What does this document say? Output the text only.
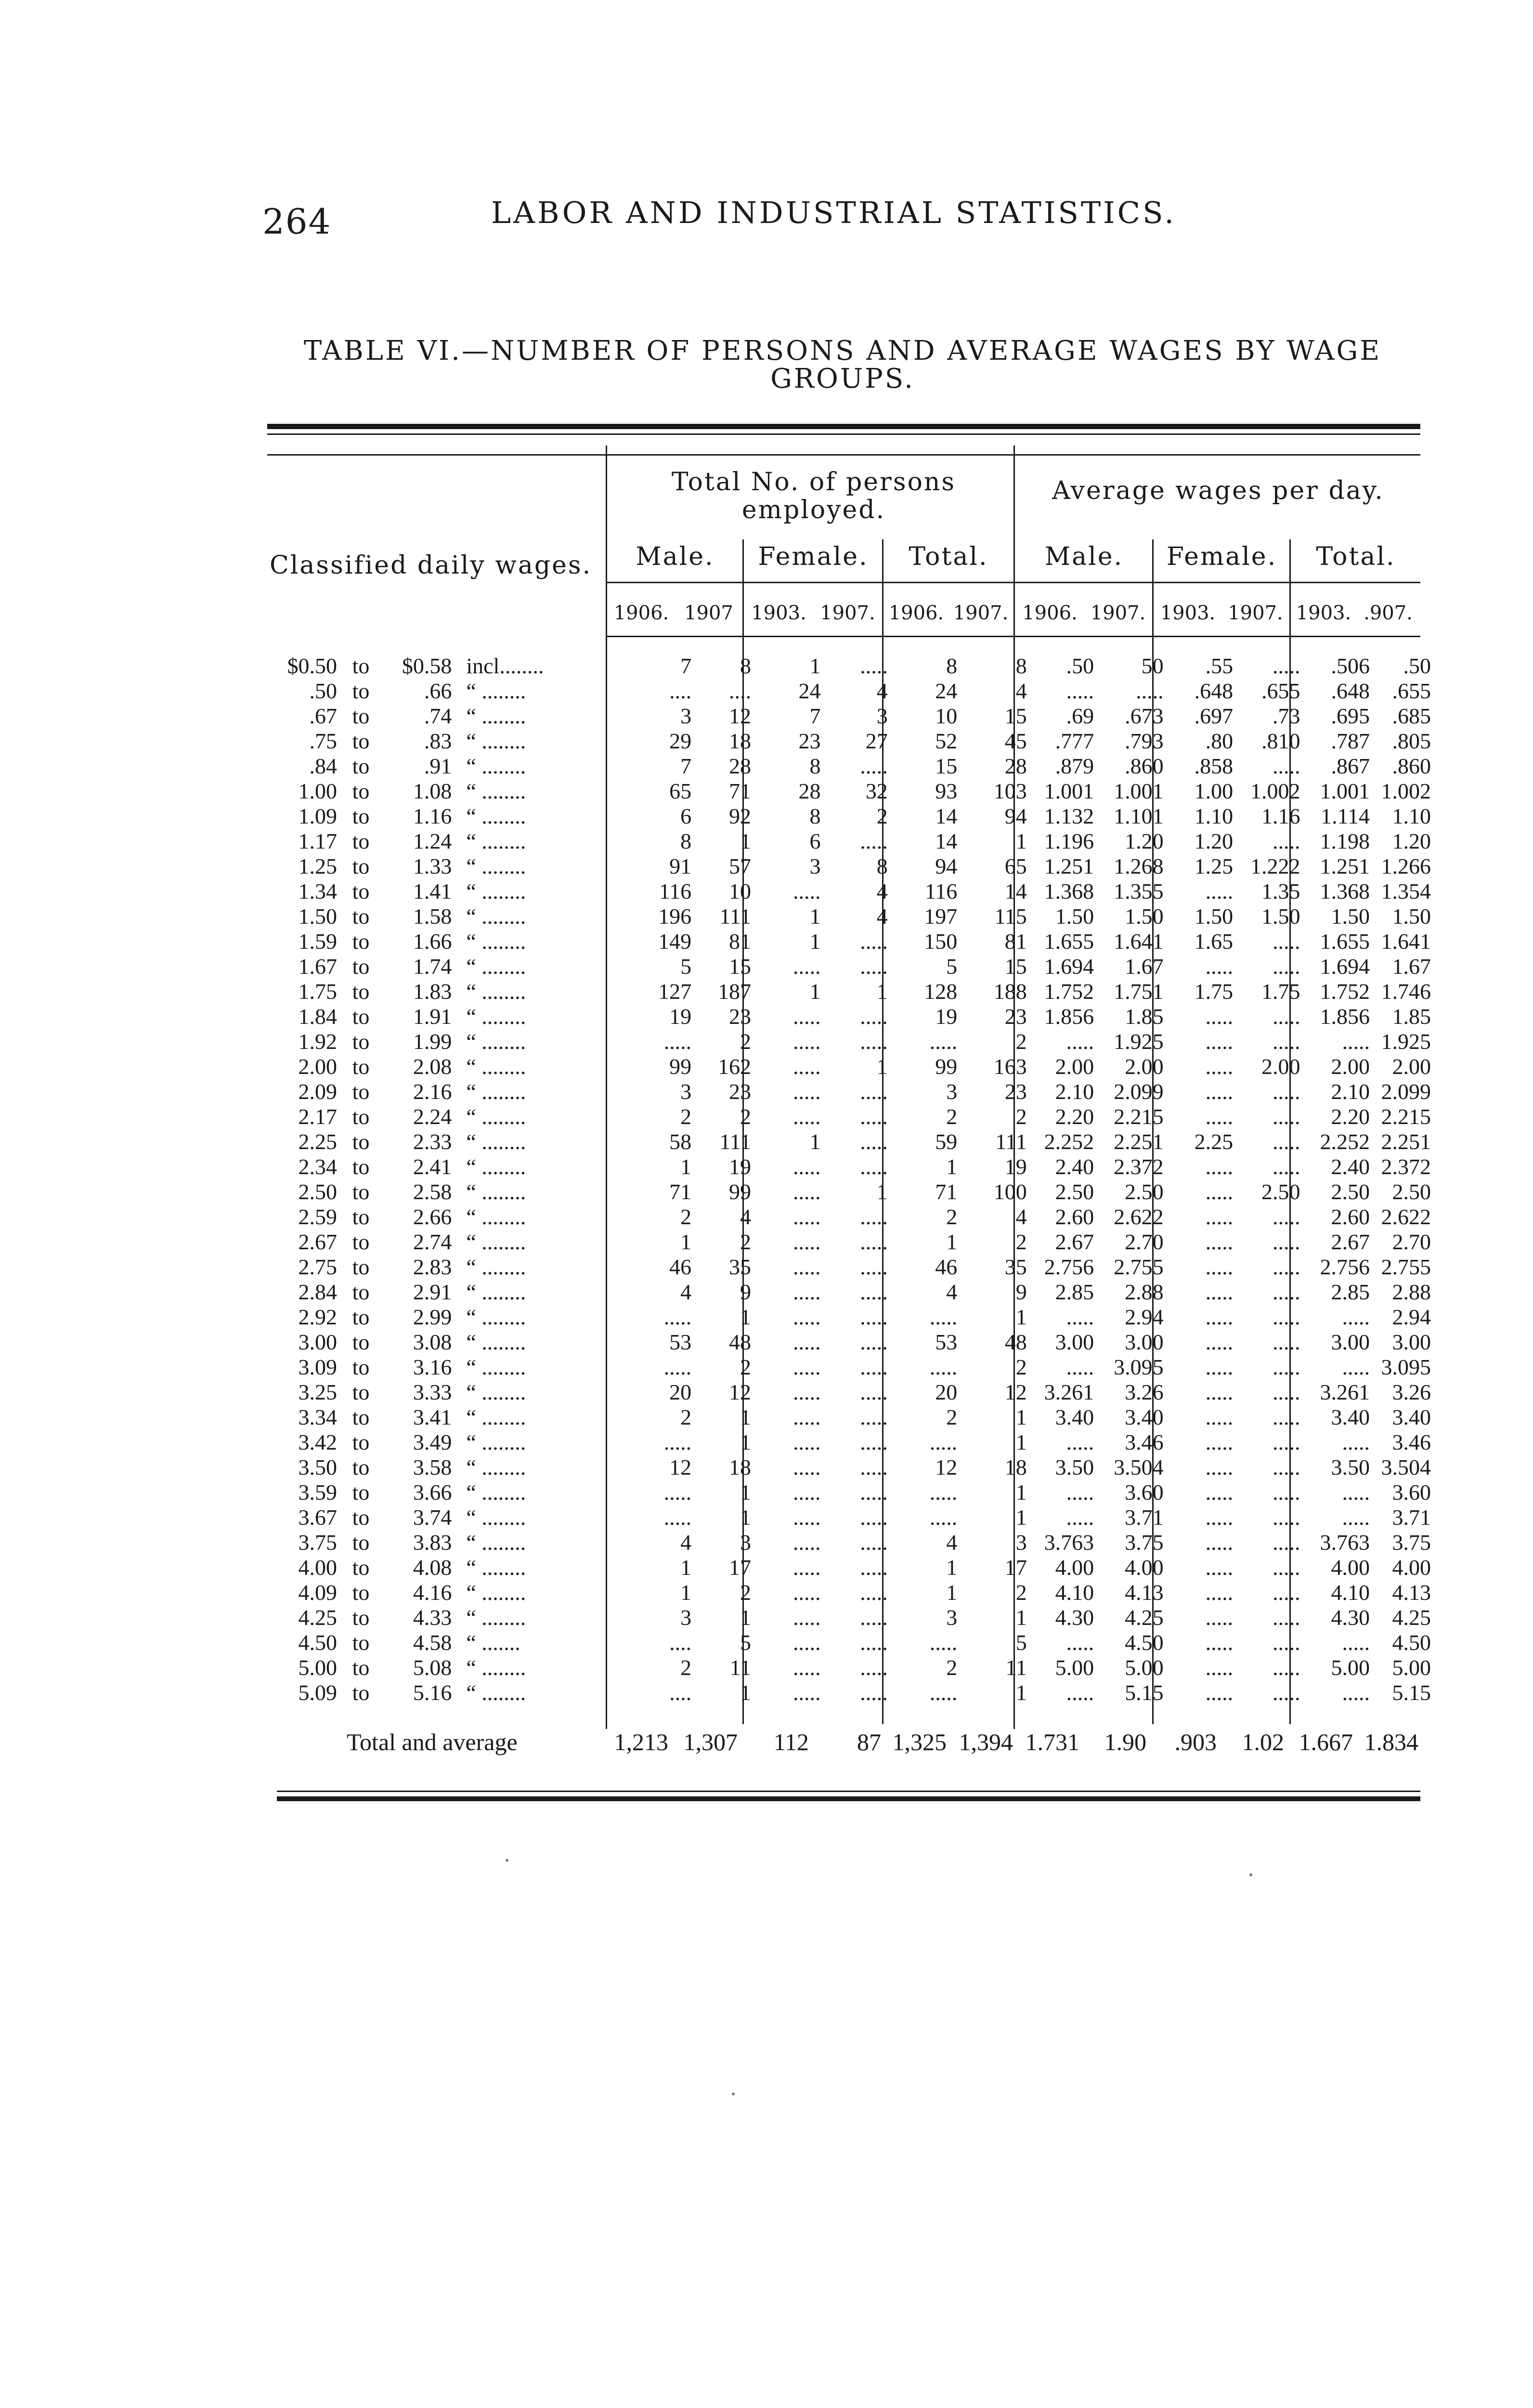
264	LABOR AND INDUSTRIAL STATISTICS.
TABLE VI.—NUMBER OF PERSONS AND AVERAGE WAGES BY WAGE
GROUPS.
Classified daily wages.
Total No. of persons employed.
Average wages per day.
Male.	Female.	Total.	Male.	Female.	Total.
1906. 1907 1903. 1907. 1906. 1907. 1906. 1907. 1903. 1907. 1903. .907.
$0.50	to	$0.58	incl........	7	8	1	.....	8	8	.50	50	.55	.....	.506	.50
.50	to	.66	“ ........	....	....	24	4	24	4	.....	.....	.648	.655	.648	.655
.67	to	.74	“ ........	3	12	7	3	10	15	.69	.673	.697	.73	.695	.685
.75	to	.83	“ ........	29	18	23	27	52	45	.777	.793	.80	.810	.787	.805
.84	to	.91	“ ........	7	28	8	.....	15	28	.879	.860	.858	.....	.867	.860
1.00	to	1.08	“ ........	65	71	28	32	93	103	1.001	1.001	1.00	1.002	1.001	1.002
1.09	to	1.16	“ ........	6	92	8	2	14	94	1.132	1.101	1.10	1.16	1.114	1.10
1.17	to	1.24	“ ........	8	1	6	.....	14	1	1.196	1.20	1.20	.....	1.198	1.20
1.25	to	1.33	“ ........	91	57	3	8	94	65	1.251	1.268	1.25	1.222	1.251	1.266
1.34	to	1.41	“ ........	116	10	.....	4	116	14	1.368	1.355	.....	1.35	1.368	1.354
1.50	to	1.58	“ ........	196	111	1	4	197	115	1.50	1.50	1.50	1.50	1.50	1.50
1.59	to	1.66	“ ........	149	81	1	.....	150	81	1.655	1.641	1.65	.....	1.655	1.641
1.67	to	1.74	“ ........	5	15	.....	.....	5	15	1.694	1.67	.....	.....	1.694	1.67
1.75	to	1.83	“ ........	127	187	1	1	128	188	1.752	1.751	1.75	1.75	1.752	1.746
1.84	to	1.91	“ ........	19	23	.....	.....	19	23	1.856	1.85	.....	.....	1.856	1.85
1.92	to	1.99	“ ........	.....	2	.....	.....	.....	2	.....	1.925	.....	.....	.....	1.925
2.00	to	2.08	“ ........	99	162	.....	1	99	163	2.00	2.00	.....	2.00	2.00	2.00
2.09	to	2.16	“ ........	3	23	.....	.....	3	23	2.10	2.099	.....	.....	2.10	2.099
2.17	to	2.24	“ ........	2	2	.....	.....	2	2	2.20	2.215	.....	.....	2.20	2.215
2.25	to	2.33	“ ........	58	111	1	.....	59	111	2.252	2.251	2.25	.....	2.252	2.251
2.34	to	2.41	“ ........	1	19	.....	.....	1	19	2.40	2.372	.....	.....	2.40	2.372
2.50	to	2.58	“ ........	71	99	.....	1	71	100	2.50	2.50	.....	2.50	2.50	2.50
2.59	to	2.66	“ ........	2	4	.....	.....	2	4	2.60	2.622	.....	.....	2.60	2.622
2.67	to	2.74	“ ........	1	2	.....	.....	1	2	2.67	2.70	.....	.....	2.67	2.70
2.75	to	2.83	“ ........	46	35	.....	.....	46	35	2.756	2.755	.....	.....	2.756	2.755
2.84	to	2.91	“ ........	4	9	.....	.....	4	9	2.85	2.88	.....	.....	2.85	2.88
2.92	to	2.99	“ ........	.....	1	.....	.....	.....	1	.....	2.94	.....	.....	.....	2.94
3.00	to	3.08	“ ........	53	48	.....	.....	53	48	3.00	3.00	.....	.....	3.00	3.00
3.09	to	3.16	“ ........	.....	2	.....	.....	.....	2	.....	3.095	.....	.....	.....	3.095
3.25	to	3.33	“ ........	20	12	.....	.....	20	12	3.261	3.26	.....	.....	3.261	3.26
3.34	to	3.41	“ ........	2	1	.....	.....	2	1	3.40	3.40	.....	.....	3.40	3.40
3.42	to	3.49	“ ........	.....	1	.....	.....	.....	1	.....	3.46	.....	.....	.....	3.46
3.50	to	3.58	“ ........	12	18	.....	.....	12	18	3.50	3.504	.....	.....	3.50	3.504
3.59	to	3.66	“ ........	.....	1	.....	.....	.....	1	.....	3.60	.....	.....	.....	3.60
3.67	to	3.74	“ ........	.....	1	.....	.....	.....	1	.....	3.71	.....	.....	.....	3.71
3.75	to	3.83	“ ........	4	3	.....	.....	4	3	3.763	3.75	.....	.....	3.763	3.75
4.00	to	4.08	“ ........	1	17	.....	.....	1	17	4.00	4.00	.....	.....	4.00	4.00
4.09	to	4.16	“ ........	1	2	.....	.....	1	2	4.10	4.13	.....	.....	4.10	4.13
4.25	to	4.33	“ ........	3	1	.....	.....	3	1	4.30	4.25	.....	.....	4.30	4.25
4.50	to	4.58	“ .......	....	5	.....	.....	.....	5	.....	4.50	.....	.....	.....	4.50
5.00	to	5.08	“ ........	2	11	.....	.....	2	11	5.00	5.00	.....	.....	5.00	5.00
5.09	to	5.16	“ ........	....	1	.....	.....	.....	1	.....	5.15	.....	.....	.....	5.15
Total and average	1,213 1,307	112	87 1,325 1,394 1.731	1.90	.903	1.02 1.667 1.834
